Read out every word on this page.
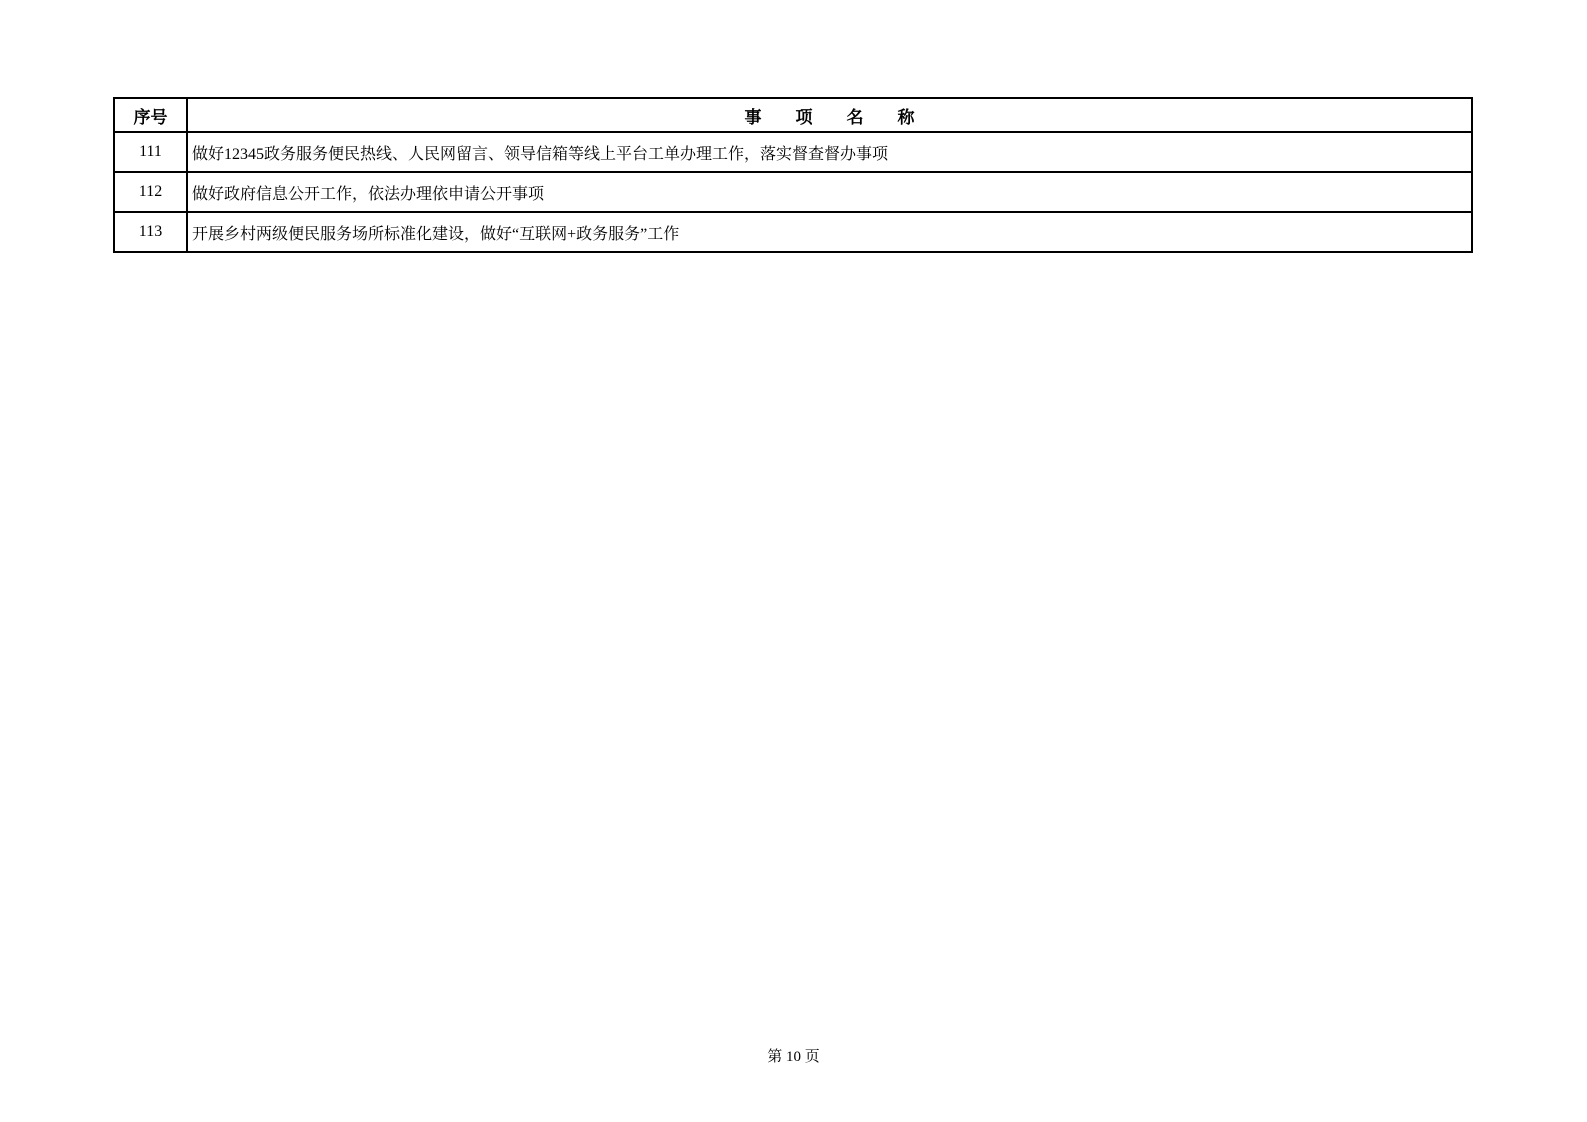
序号	事　　项　　名　　称
111	做好12345政务服务便民热线、人民网留言、领导信箱等线上平台工单办理工作，落实督查督办事项
112	做好政府信息公开工作，依法办理依申请公开事项
113	开展乡村两级便民服务场所标准化建设，做好“互联网+政务服务”工作
第 10 页
